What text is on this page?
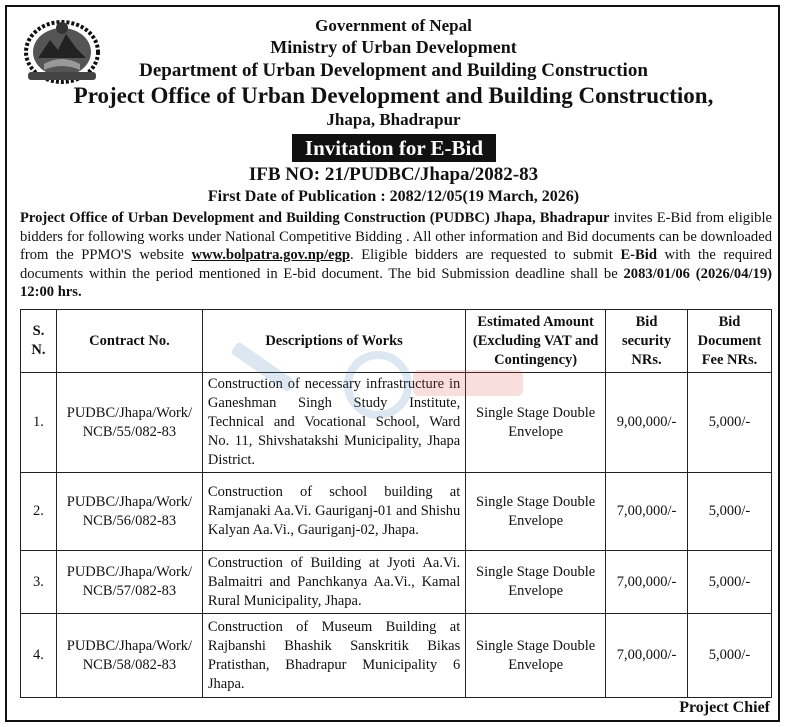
Government of Nepal
Ministry of Urban Development
Department of Urban Development and Building Construction
Project Office of Urban Development and Building Construction,
Jhapa, Bhadrapur
Invitation for E-Bid
IFB NO: 21/PUDBC/Jhapa/2082-83
First Date of Publication : 2082/12/05(19 March, 2026)
Project Office of Urban Development and Building Construction (PUDBC) Jhapa, Bhadrapur invites E-Bid from eligible bidders for following works under National Competitive Bidding . All other information and Bid documents can be downloaded from the PPMO'S website www.bolpatra.gov.np/egp. Eligible bidders are requested to submit E-Bid with the required documents within the period mentioned in E-bid document. The bid Submission deadline shall be 2083/01/06 (2026/04/19) 12:00 hrs.
S. N.	Contract No.	Descriptions of Works	Estimated Amount (Excluding VAT and Contingency)	Bid security NRs.	Bid Document Fee NRs.
1.	PUDBC/Jhapa/Work/ NCB/55/082-83	Construction of necessary infrastructure in Ganeshman Singh Study Institute, Technical and Vocational School, Ward No. 11, Shivshatakshi Municipality, Jhapa District.	Single Stage Double Envelope	9,00,000/-	5,000/-
2.	PUDBC/Jhapa/Work/ NCB/56/082-83	Construction of school building at Ramjanaki Aa.Vi. Gauriganj-01 and Shishu Kalyan Aa.Vi., Gauriganj-02, Jhapa.	Single Stage Double Envelope	7,00,000/-	5,000/-
3.	PUDBC/Jhapa/Work/ NCB/57/082-83	Construction of Building at Jyoti Aa.Vi. Balmaitri and Panchkanya Aa.Vi., Kamal Rural Municipality, Jhapa.	Single Stage Double Envelope	7,00,000/-	5,000/-
4.	PUDBC/Jhapa/Work/ NCB/58/082-83	Construction of Museum Building at Rajbanshi Bhashik Sanskritik Bikas Pratisthan, Bhadrapur Municipality 6 Jhapa.	Single Stage Double Envelope	7,00,000/-	5,000/-
Project Chief
